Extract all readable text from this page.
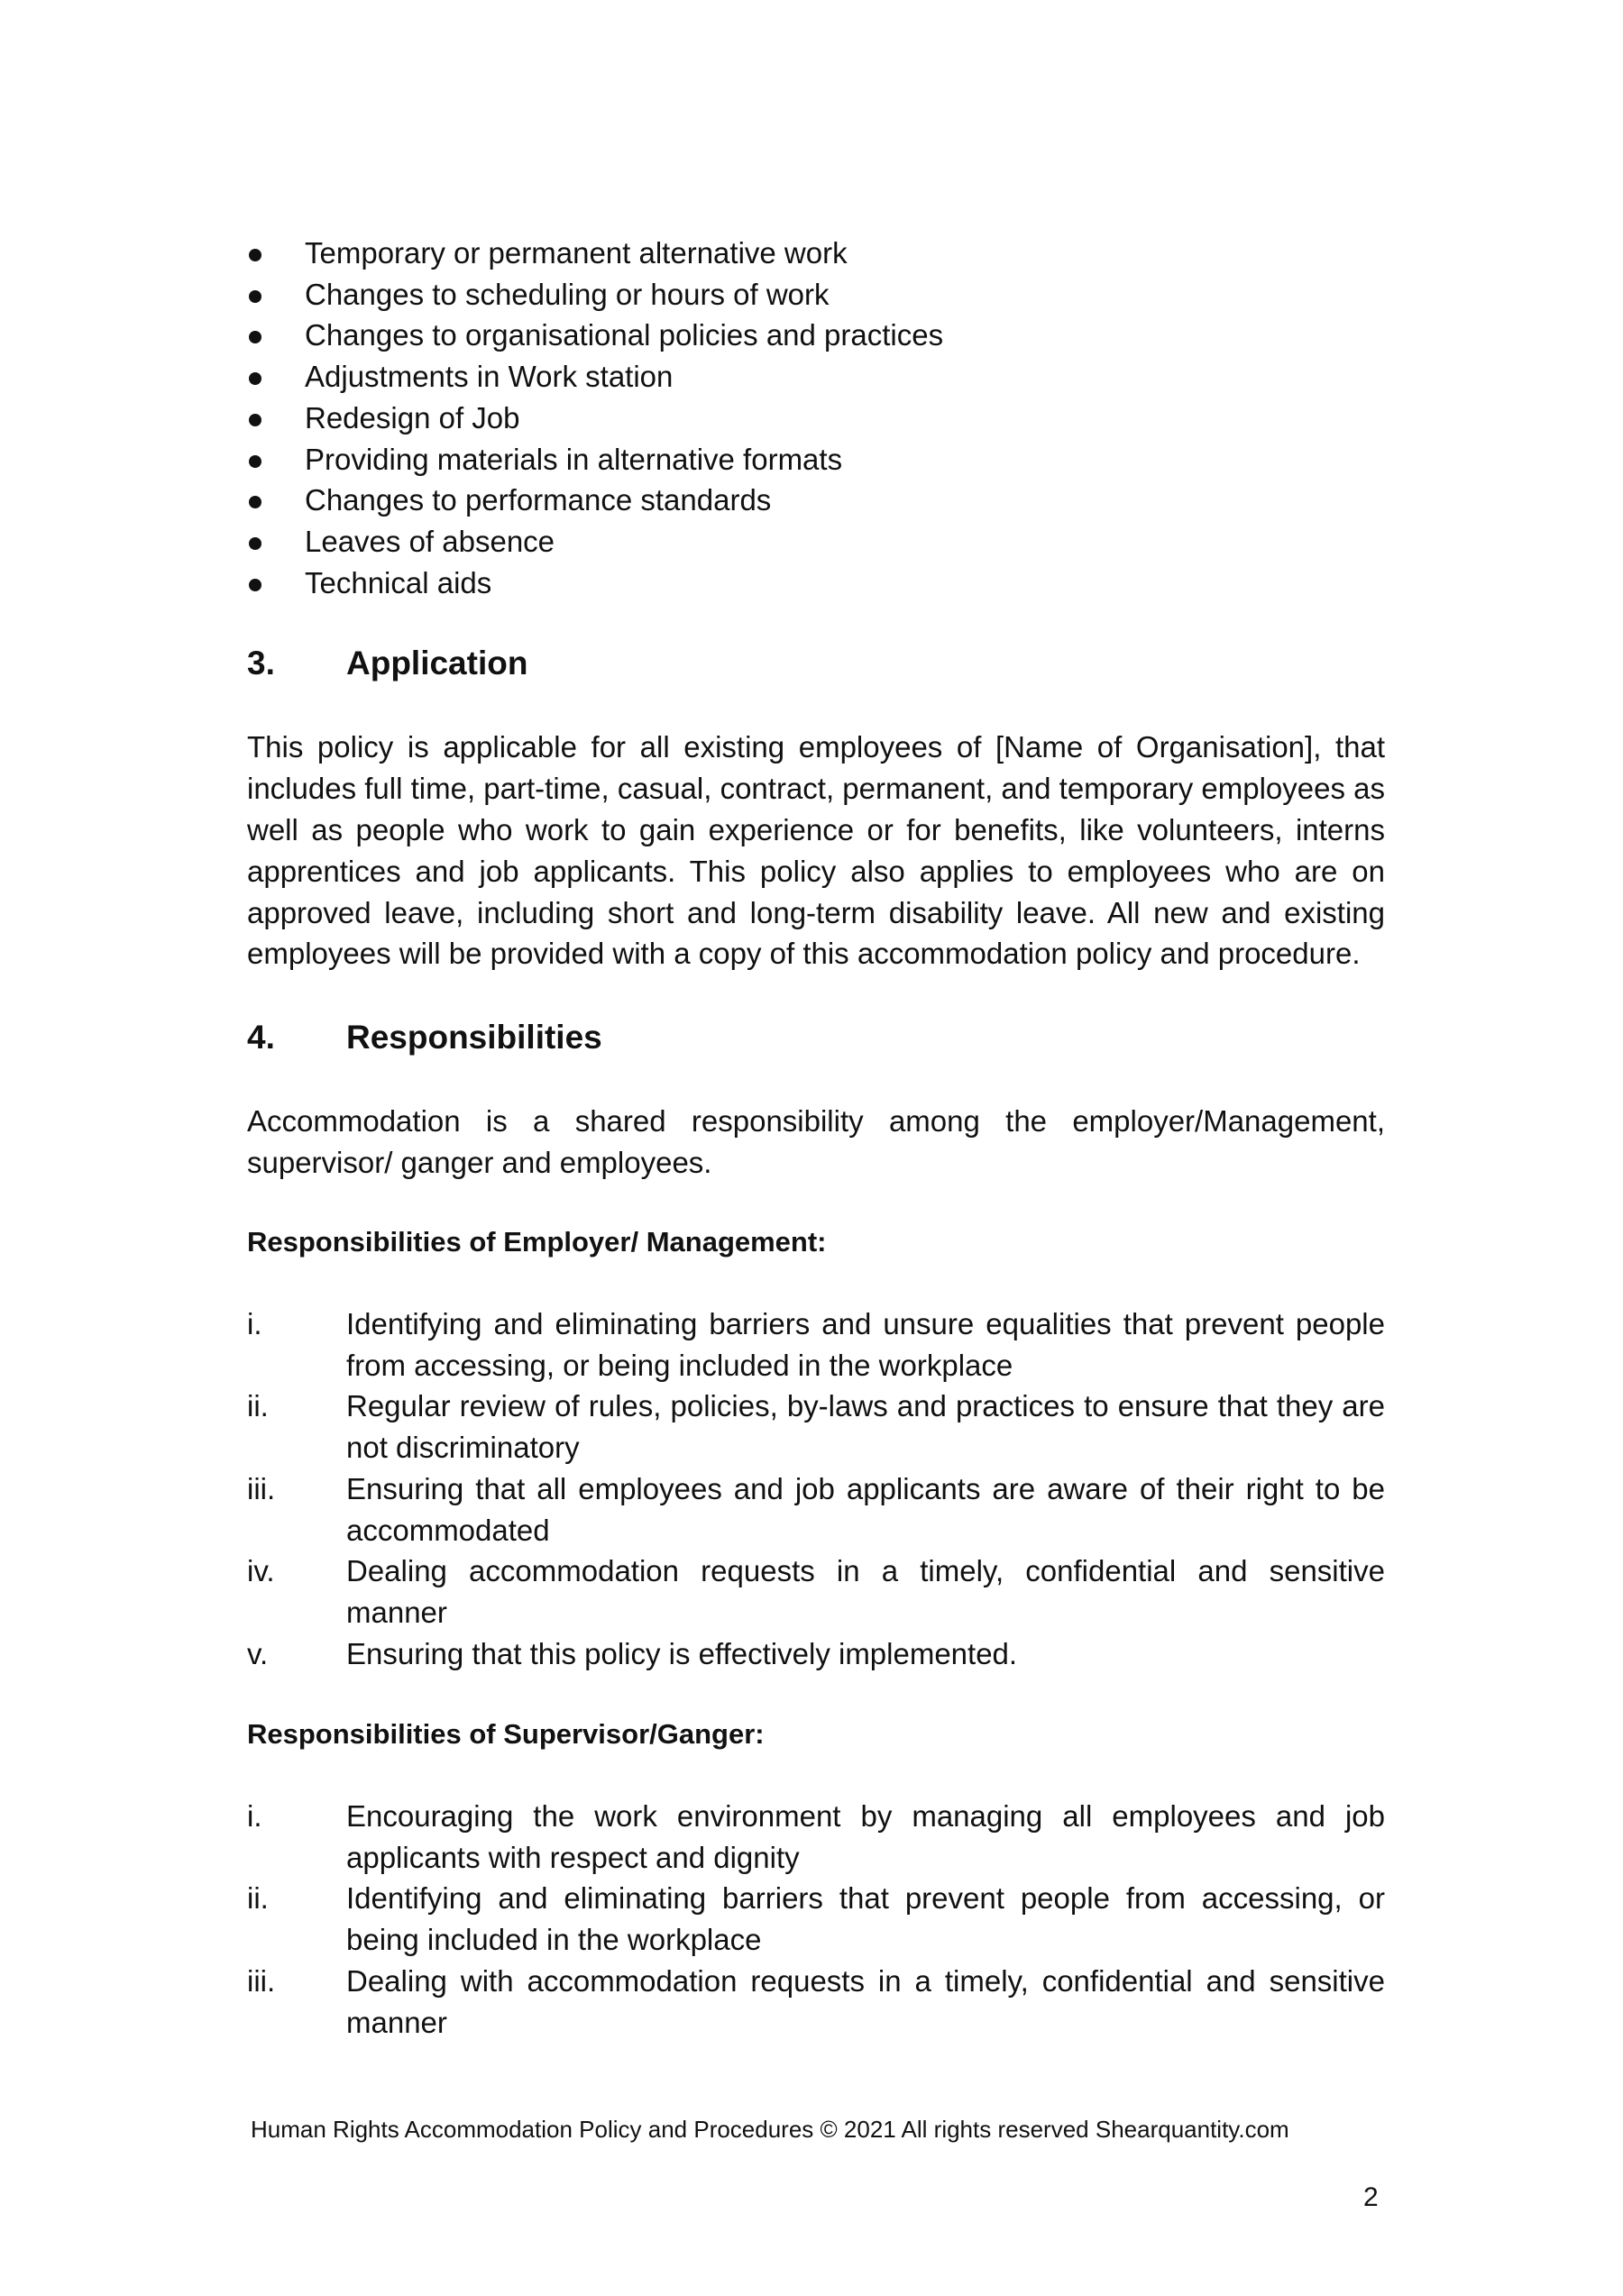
Temporary or permanent alternative work
Changes to scheduling or hours of work
Changes to organisational policies and practices
Adjustments in Work station
Redesign of Job
Providing materials in alternative formats
Changes to performance standards
Leaves of absence
Technical aids
3.	Application

This policy is applicable for all existing employees of [Name of Organisation], that includes full time, part-time, casual, contract, permanent, and temporary employees as well as people who work to gain experience or for benefits, like volunteers, interns apprentices and job applicants. This policy also applies to employees who are on approved leave, including short and long-term disability leave. All new and existing employees will be provided with a copy of this accommodation policy and procedure.

4.	Responsibilities

Accommodation is a shared responsibility among the employer/Management, supervisor/ ganger and employees.

Responsibilities of Employer/ Management:

i.	Identifying and eliminating barriers and unsure equalities that prevent people from accessing, or being included in the workplace
ii.	Regular review of rules, policies, by-laws and practices to ensure that they are not discriminatory
iii.	Ensuring that all employees and job applicants are aware of their right to be accommodated
iv.	Dealing accommodation requests in a timely, confidential and sensitive manner
v.	Ensuring that this policy is effectively implemented.

Responsibilities of Supervisor/Ganger:

i.	Encouraging the work environment by managing all employees and job applicants with respect and dignity
ii.	Identifying and eliminating barriers that prevent people from accessing, or being included in the workplace
iii.	Dealing with accommodation requests in a timely, confidential and sensitive manner
Human Rights Accommodation Policy and Procedures © 2021 All rights reserved Shearquantity.com
2
